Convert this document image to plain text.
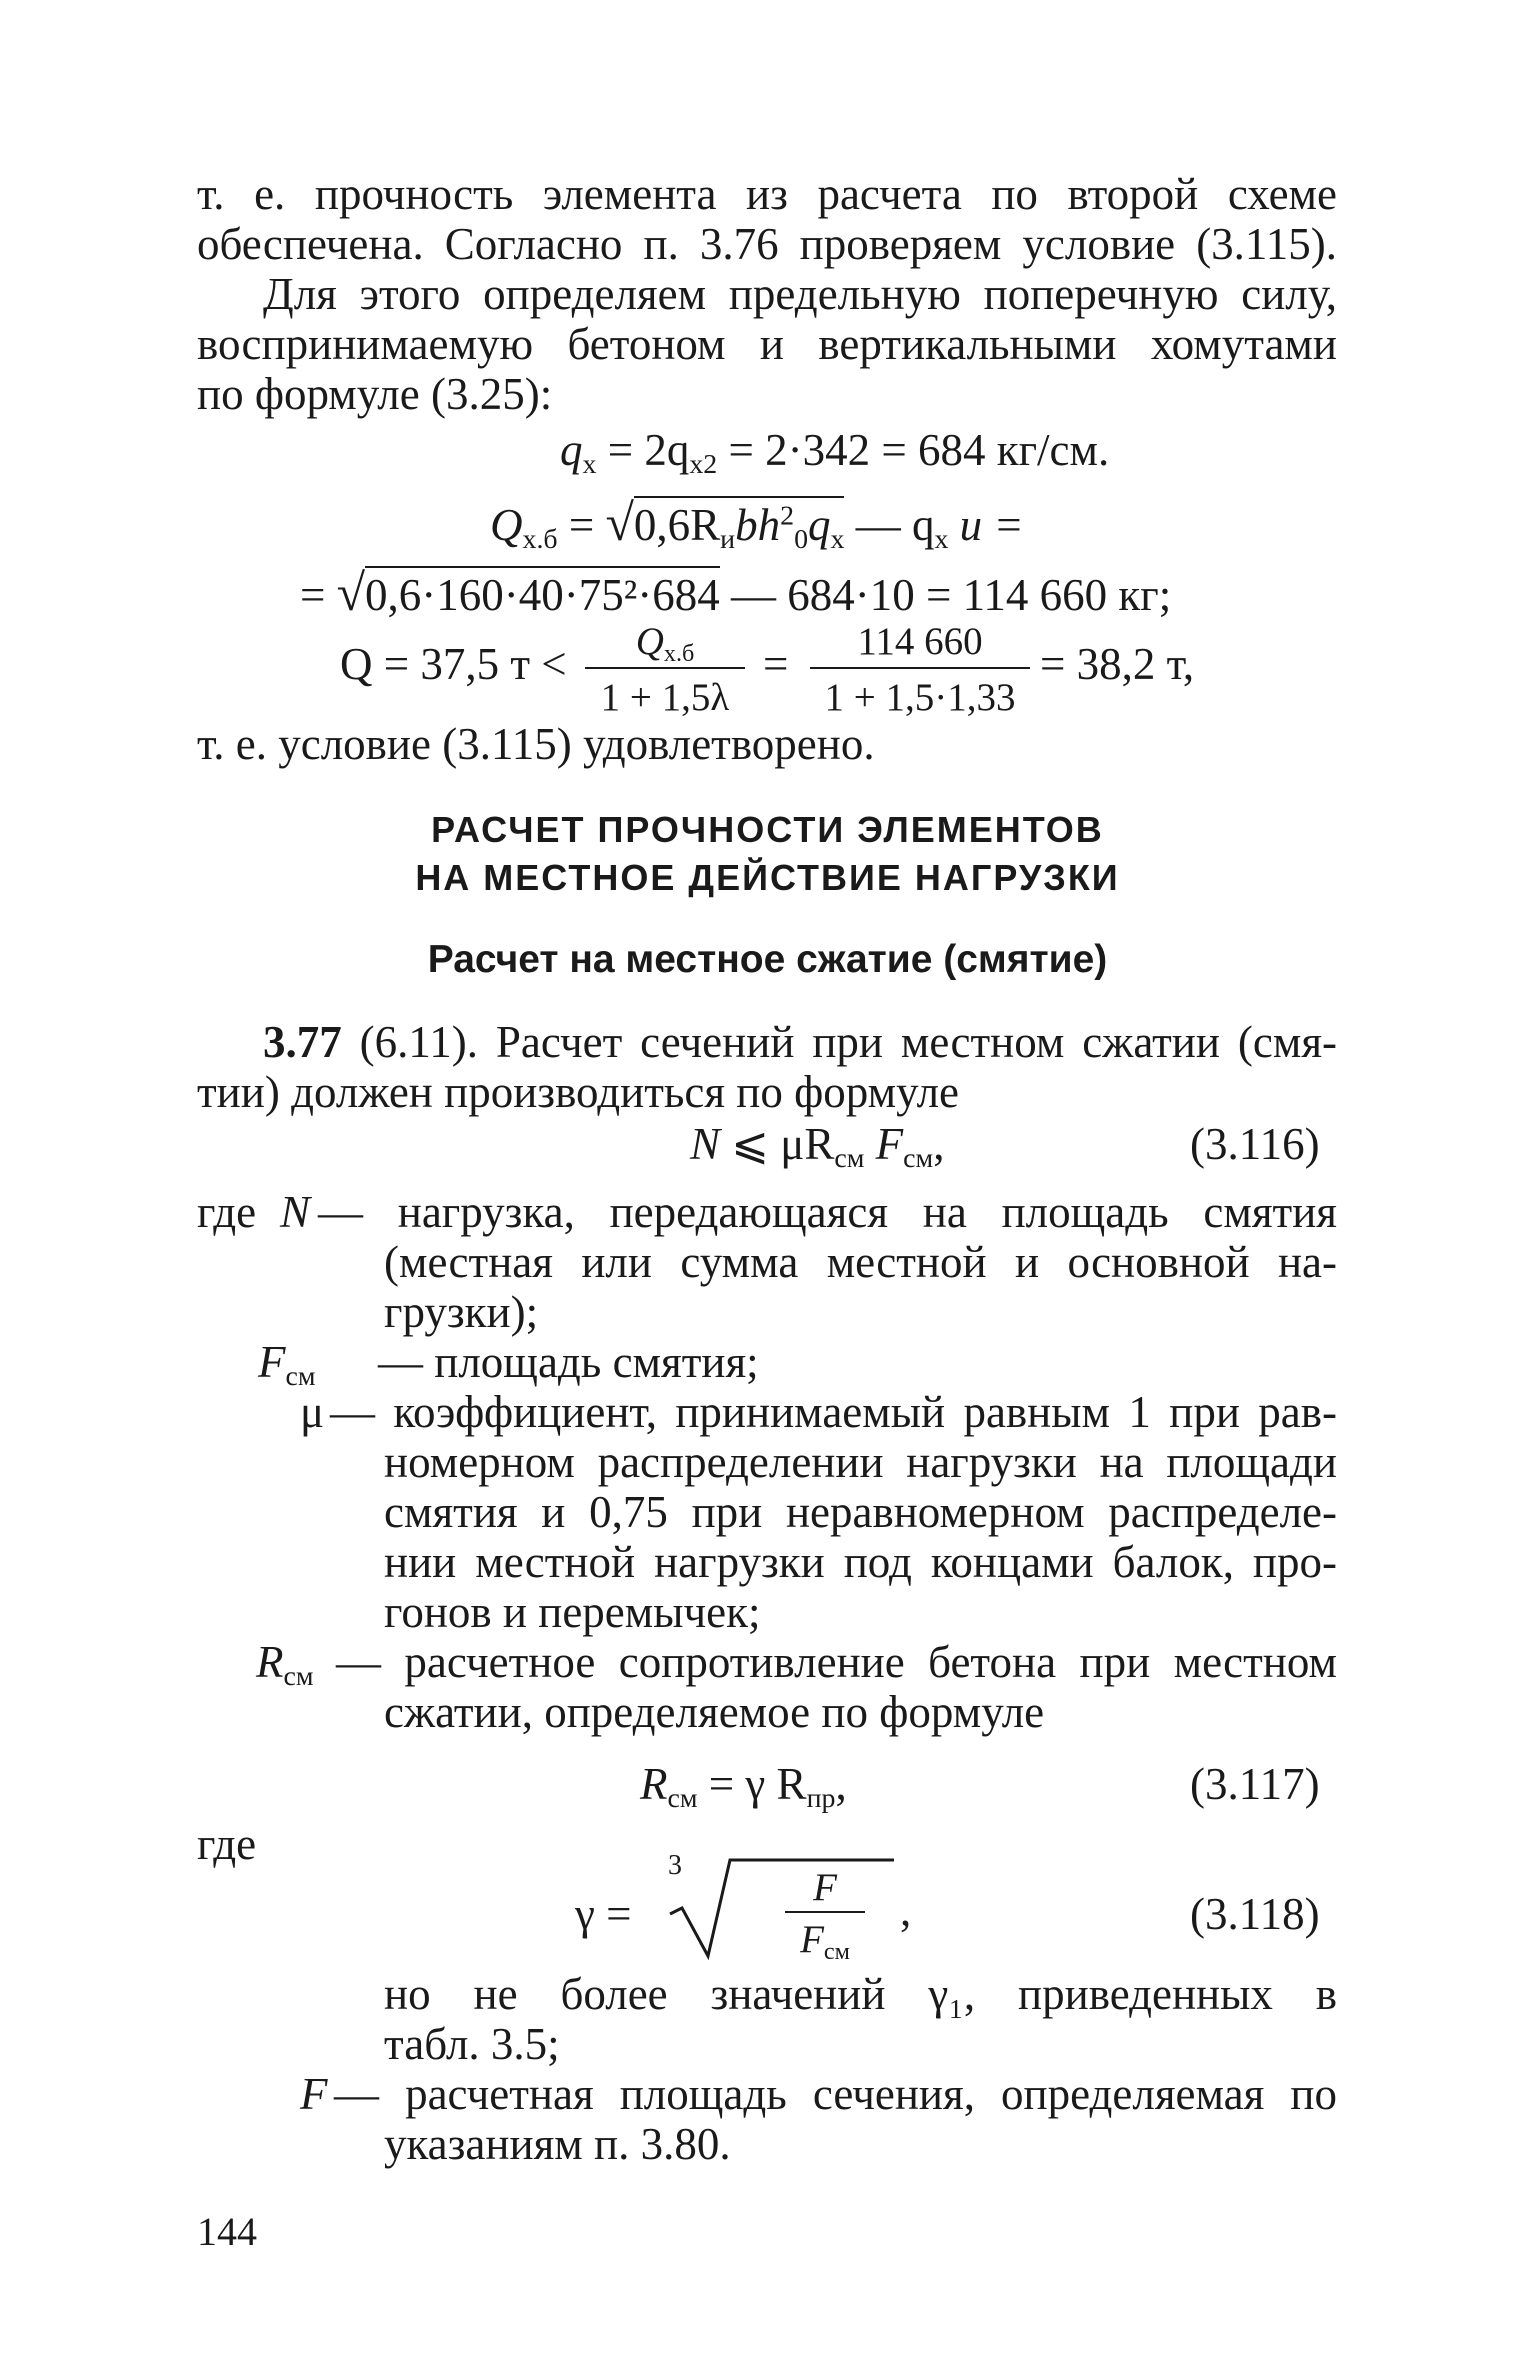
т. е. прочность элемента из расчета по второй схеме
обеспечена. Согласно п. 3.76 проверяем условие (3.115).
Для этого определяем предельную поперечную силу,
воспринимаемую бетоном и вертикальными хомутами
по формуле (3.25):
$q_x = 2q_{x2} = 2\cdot 342 = 684$ кг/см.
$Q_{x.б} = √0,6R_иbh^2_0q_x$ — $q_x$ u =
= √0,6·160·40·75²·684 — 684·10 = 114 660 кг;
Q = 37,5 т <	$Q_{x.б}$
1 + 1,5λ
=	114 660
1 + 1,5·1,33
= 38,2 т,
т. е. условие (3.115) удовлетворено.
РАСЧЕТ ПРОЧНОСТИ ЭЛЕМЕНТОВ
НА МЕСТНОЕ ДЕЙСТВИЕ НАГРУЗКИ
Расчет на местное сжатие (смятие)
3.77 (6.11). Расчет сечений при местном сжатии (смя-
тии) должен производиться по формуле
N ⩽ $\mu R_{см}$ $F_{см}$,	(3.116)
где N — нагрузка, передающаяся на площадь смятия
(местная или сумма местной и основной на-
грузки);
$F_{см}$ — площадь смятия;
μ — коэффициент, принимаемый равным 1 при рав-
номерном распределении нагрузки на площади
смятия и 0,75 при неравномерном распределе-
нии местной нагрузки под концами балок, про-
гонов и перемычек;
$R_{см}$ — расчетное сопротивление бетона при местном
сжатии, определяемое по формуле
$R_{см} = \gamma$ $R_{пр}$,	(3.117)
где
γ =
3
F
$F_{см}$
,	(3.118)
но не более значений γ₁, приведенных в
табл. 3.5;
F — расчетная площадь сечения, определяемая по
указаниям п. 3.80.
144
